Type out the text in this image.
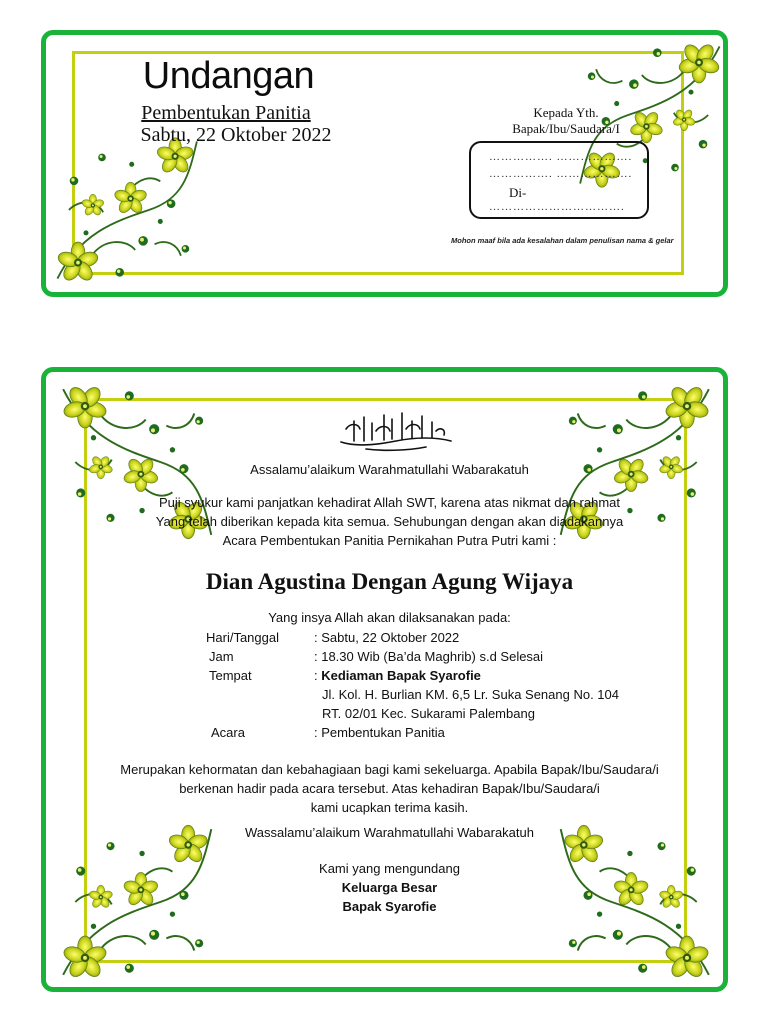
Undangan
Pembentukan Panitia
Sabtu, 22 Oktober 2022
Kepada Yth.
Bapak/Ibu/Saudara/I
……………. ……………….
……………. ……………….
Di-
…………………………….
Mohon maaf bila ada kesalahan dalam penulisan nama & gelar
Assalamu’alaikum Warahmatullahi Wabarakatuh
Puji syukur kami panjatkan kehadirat Allah SWT, karena atas nikmat dan rahmat
Yang telah diberikan kepada kita semua. Sehubungan dengan akan diadakannya
Acara Pembentukan Panitia Pernikahan Putra Putri kami :
Dian Agustina Dengan Agung Wijaya
Yang insya Allah akan dilaksanakan pada:
Hari/Tanggal	: Sabtu, 22 Oktober 2022
Jam	: 18.30 Wib (Ba’da Maghrib) s.d Selesai
Tempat	: Kediaman Bapak Syarofie
Jl. Kol. H. Burlian KM. 6,5 Lr. Suka Senang No. 104
RT. 02/01 Kec. Sukarami Palembang
Acara	: Pembentukan Panitia
Merupakan kehormatan dan kebahagiaan bagi kami sekeluarga. Apabila Bapak/Ibu/Saudara/i
berkenan hadir pada acara tersebut. Atas kehadiran Bapak/Ibu/Saudara/i
kami ucapkan terima kasih.
Wassalamu’alaikum Warahmatullahi Wabarakatuh
Kami yang mengundang
Keluarga Besar
Bapak Syarofie
